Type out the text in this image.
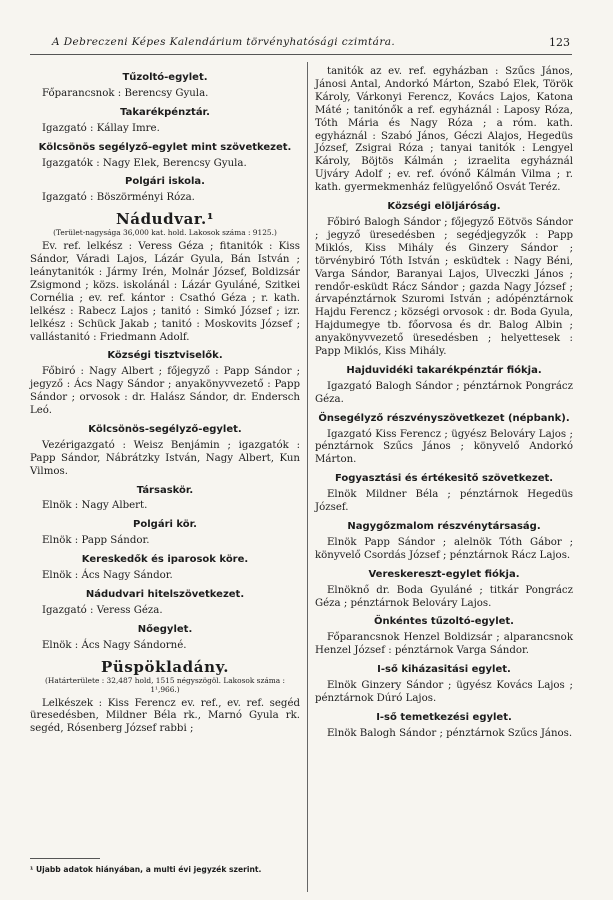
A Debreczeni Képes Kalendárium törvényhatósági czimtára.	123
Tűzoltó-egylet.

Főparancsnok : Berencsy Gyula.

Takarékpénztár.

Igazgató : Kállay Imre.

Kölcsönös segélyző-egylet mint szövetkezet.

Igazgatók : Nagy Elek, Berencsy Gyula.

Polgári iskola.

Igazgató : Böszörményi Róza.

Nádudvar.¹
(Terület-nagysága 36,000 kat. hold. Lakosok száma : 9125.)

Ev. ref. lelkész : Veress Géza ; fitanitók : Kiss Sándor, Váradi Lajos, Lázár Gyula, Bán István ; leánytanitók : Jármy Irén, Molnár József, Boldizsár Zsigmond ; közs. iskolánál : Lázár Gyuláné, Szitkei Cornélia ; ev. ref. kántor : Csathó Géza ; r. kath. lelkész : Rabecz Lajos ; tanitó : Simkó József ; izr. lelkész : Schück Jakab ; tanitó : Moskovits József ; vallástanitó : Friedmann Adolf.

Községi tisztviselők.

Főbiró : Nagy Albert ; főjegyző : Papp Sándor ; jegyző : Ács Nagy Sándor ; anyakönyvvezető : Papp Sándor ; orvosok : dr. Halász Sándor, dr. Endersch Leó.

Kölcsönös-segélyző-egylet.

Vezérigazgató : Weisz Benjámin ; igazgatók : Papp Sándor, Nábrátzky István, Nagy Albert, Kun Vilmos.

Társaskör.

Elnök : Nagy Albert.

Polgári kör.

Elnök : Papp Sándor.

Kereskedők és iparosok köre.

Elnök : Ács Nagy Sándor.

Nádudvari hitelszövetkezet.

Igazgató : Veress Géza.

Nőegylet.

Elnök : Ács Nagy Sándorné.

Püspökladány.
(Határterülete : 32,487 hold, 1515 négyszögöl. Lakosok száma : 1¹,966.)

Lelkészek : Kiss Ferencz ev. ref., ev. ref. segéd üresedésben, Mildner Béla rk., Marnó Gyula rk. segéd, Rósenberg József rabbi ;

tanitók az ev. ref. egyházban : Szűcs János, Jánosi Antal, Andorkó Márton, Szabó Elek, Török Károly, Várkonyi Ferencz, Kovács Lajos, Katona Máté ; tanitónők a ref. egyháznál : Laposy Róza, Tóth Mária és Nagy Róza ; a róm. kath. egyháznál : Szabó János, Géczi Alajos, Hegedüs József, Zsigrai Róza ; tanyai tanitók : Lengyel Károly, Böjtös Kálmán ; izraelita egyháznál Ujváry Adolf ; ev. ref. óvónő Kálmán Vilma ; r. kath. gyermekmenház felügyelőnő Osvát Teréz.

Községi elöljáróság.

Főbiró Balogh Sándor ; főjegyző Eötvös Sándor ; jegyző üresedésben ; segédjegyzők : Papp Miklós, Kiss Mihály és Ginzery Sándor ; törvénybiró Tóth István ; esküdtek : Nagy Béni, Varga Sándor, Baranyai Lajos, Ulveczki János ; rendőr-esküdt Rácz Sándor ; gazda Nagy József ; árvapénztárnok Szuromi István ; adópénztárnok Hajdu Ferencz ; községi orvosok : dr. Boda Gyula, Hajdumegye tb. főorvosa és dr. Balog Albin ; anyakönyvvezető üresedésben ; helyettesek : Papp Miklós, Kiss Mihály.

Hajduvidéki takarékpénztár fiókja.

Igazgató Balogh Sándor ; pénztárnok Pongrácz Géza.

Önsegélyző részvényszövetkezet (népbank).

Igazgató Kiss Ferencz ; ügyész Belováry Lajos ; pénztárnok Szűcs János ; könyvelő Andorkó Márton.

Fogyasztási és értékesitő szövetkezet.

Elnök Mildner Béla ; pénztárnok Hegedüs József.

Nagygőzmalom részvénytársaság.

Elnök Papp Sándor ; alelnök Tóth Gábor ; könyvelő Csordás József ; pénztárnok Rácz Lajos.

Vereskereszt-egylet fiókja.

Elnöknő dr. Boda Gyuláné ; titkár Pongrácz Géza ; pénztárnok Belováry Lajos.

Önkéntes tűzoltó-egylet.

Főparancsnok Henzel Boldizsár ; alparancsnok Henzel József : pénztárnok Varga Sándor.

I-ső kiházasitási egylet.

Elnök Ginzery Sándor ; ügyész Kovács Lajos ; pénztárnok Dúró Lajos.

I-ső temetkezési egylet.

Elnök Balogh Sándor ; pénztárnok Szűcs János.

¹ Ujabb adatok hiányában, a multi évi jegyzék szerint.
